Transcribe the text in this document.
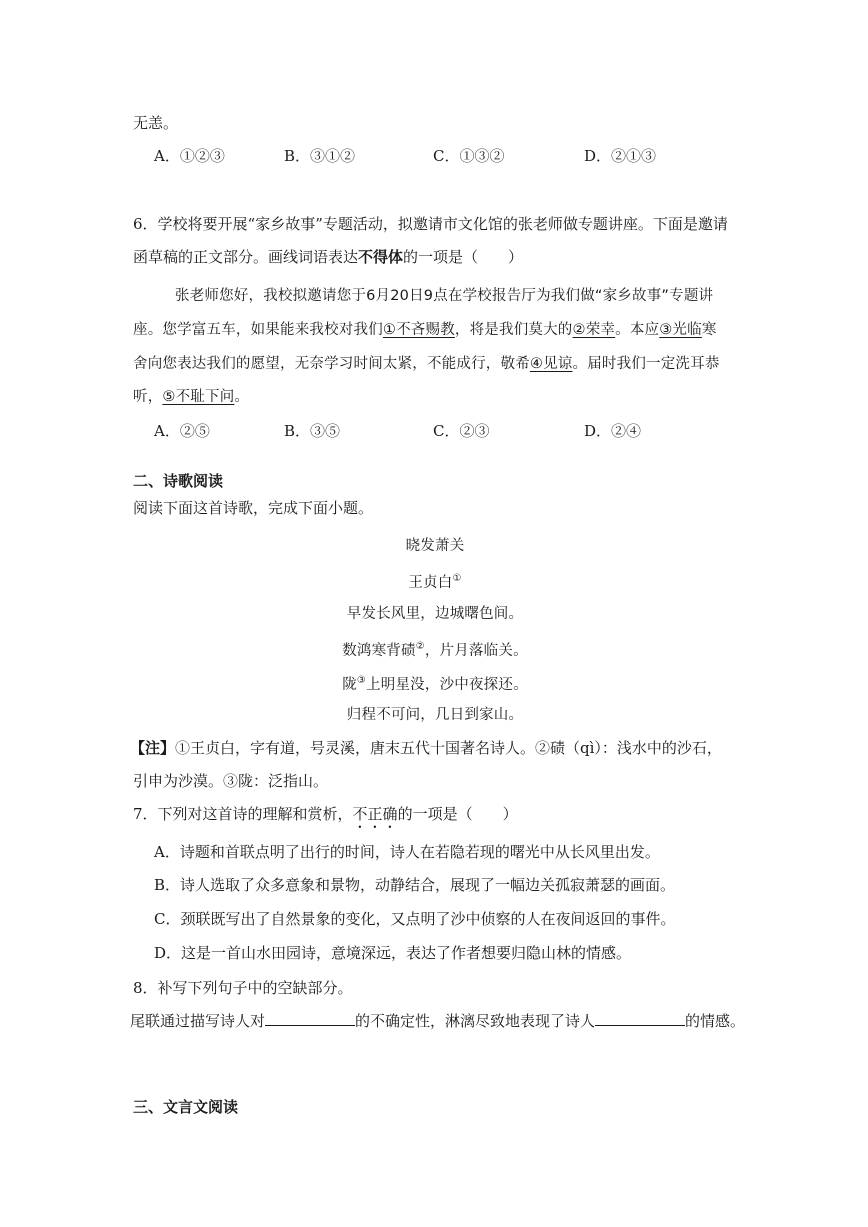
无恙。
A．①②③	B．③①②	C．①③②	D．②①③
6．学校将要开展“家乡故事”专题活动，拟邀请市文化馆的张老师做专题讲座。下面是邀请
函草稿的正文部分。画线词语表达不得体的一项是（　　）
张老师您好，我校拟邀请您于6月20日9点在学校报告厅为我们做“家乡故事”专题讲
座。您学富五车，如果能来我校对我们①不吝赐教，将是我们莫大的②荣幸。本应③光临寒
舍向您表达我们的愿望，无奈学习时间太紧，不能成行，敬希④见谅。届时我们一定洗耳恭
听，⑤不耻下问。
A．②⑤	B．③⑤	C．②③	D．②④
二、诗歌阅读
阅读下面这首诗歌，完成下面小题。
晓发萧关
王贞白①
早发长风里，边城曙色间。
数鸿寒背碛②，片月落临关。
陇③上明星没，沙中夜探还。
归程不可问，几日到家山。
【注】①王贞白，字有道，号灵溪，唐末五代十国著名诗人。②碛（qì）：浅水中的沙石，
引申为沙漠。③陇：泛指山。
7．下列对这首诗的理解和赏析，不正确的一项是（　　）
A．诗题和首联点明了出行的时间，诗人在若隐若现的曙光中从长风里出发。
B．诗人选取了众多意象和景物，动静结合，展现了一幅边关孤寂萧瑟的画面。
C．颈联既写出了自然景象的变化，又点明了沙中侦察的人在夜间返回的事件。
D．这是一首山水田园诗，意境深远，表达了作者想要归隐山林的情感。
8．补写下列句子中的空缺部分。
尾联通过描写诗人对	的不确定性，淋漓尽致地表现了诗人	的情感。
三、文言文阅读
